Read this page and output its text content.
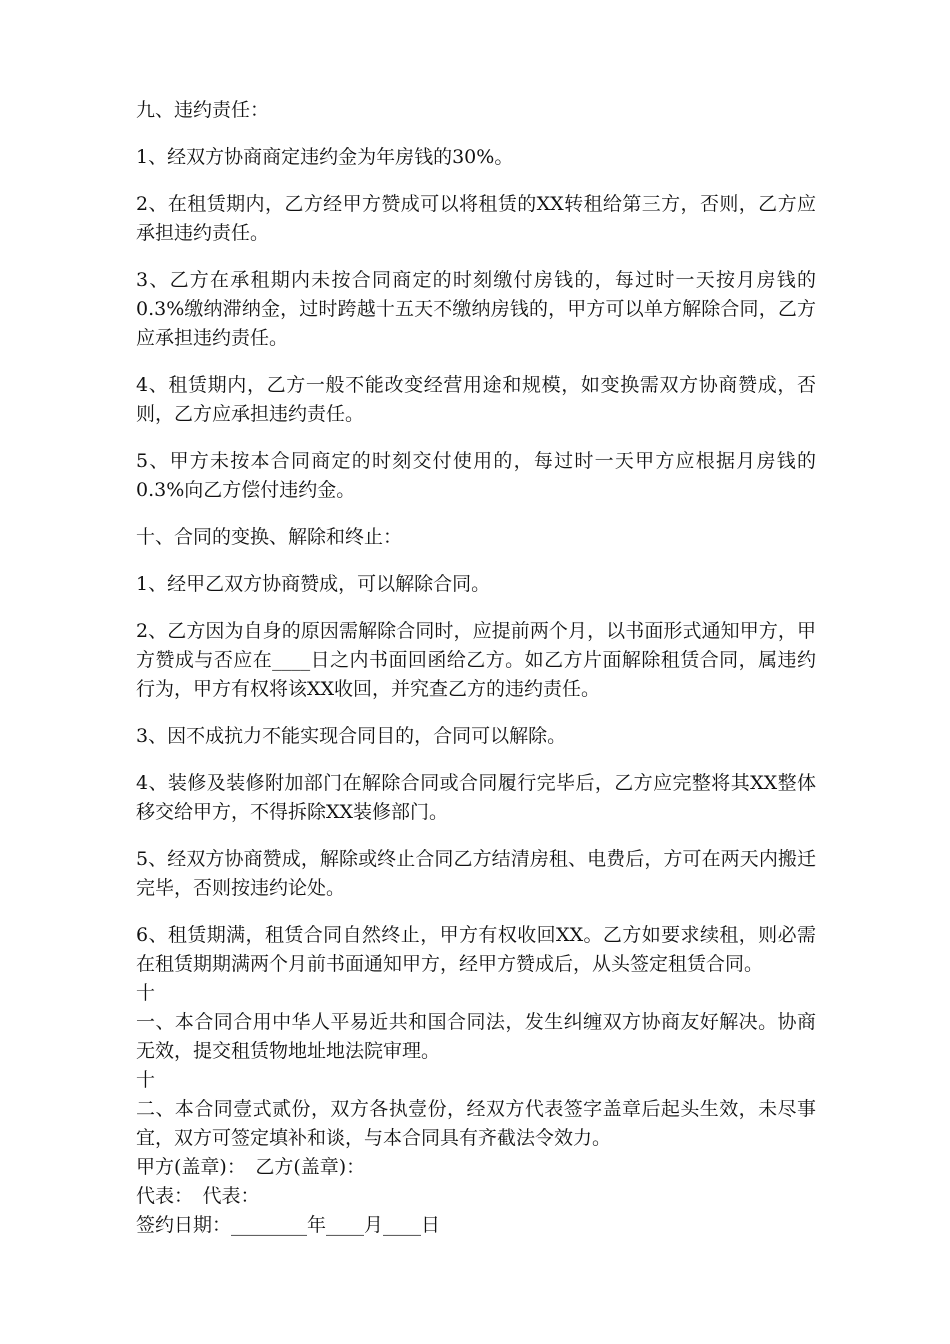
九、违约责任：

1、经双方协商商定违约金为年房钱的30%。

2、在租赁期内，乙方经甲方赞成可以将租赁的XX转租给第三方，否则，乙方应承担违约责任。

3、乙方在承租期内未按合同商定的时刻缴付房钱的，每过时一天按月房钱的0.3%缴纳滞纳金，过时跨越十五天不缴纳房钱的，甲方可以单方解除合同，乙方应承担违约责任。

4、租赁期内，乙方一般不能改变经营用途和规模，如变换需双方协商赞成，否则，乙方应承担违约责任。

5、甲方未按本合同商定的时刻交付使用的，每过时一天甲方应根据月房钱的0.3%向乙方偿付违约金。

十、合同的变换、解除和终止：

1、经甲乙双方协商赞成，可以解除合同。

2、乙方因为自身的原因需解除合同时，应提前两个月，以书面形式通知甲方，甲方赞成与否应在____日之内书面回函给乙方。如乙方片面解除租赁合同，属违约行为，甲方有权将该XX收回，并究查乙方的违约责任。

3、因不成抗力不能实现合同目的，合同可以解除。

4、装修及装修附加部门在解除合同或合同履行完毕后，乙方应完整将其XX整体移交给甲方，不得拆除XX装修部门。

5、经双方协商赞成，解除或终止合同乙方结清房租、电费后，方可在两天内搬迁完毕，否则按违约论处。

6、租赁期满，租赁合同自然终止，甲方有权收回XX。乙方如要求续租，则必需在租赁期期满两个月前书面通知甲方，经甲方赞成后，从头签定租赁合同。

十

一、本合同合用中华人平易近共和国合同法，发生纠缠双方协商友好解决。协商无效，提交租赁物地址地法院审理。

十

二、本合同壹式贰份，双方各执壹份，经双方代表签字盖章后起头生效，未尽事宜，双方可签定填补和谈，与本合同具有齐截法令效力。

甲方(盖章)：　乙方(盖章)：

代表：　代表：

签约日期：________年____月____日
